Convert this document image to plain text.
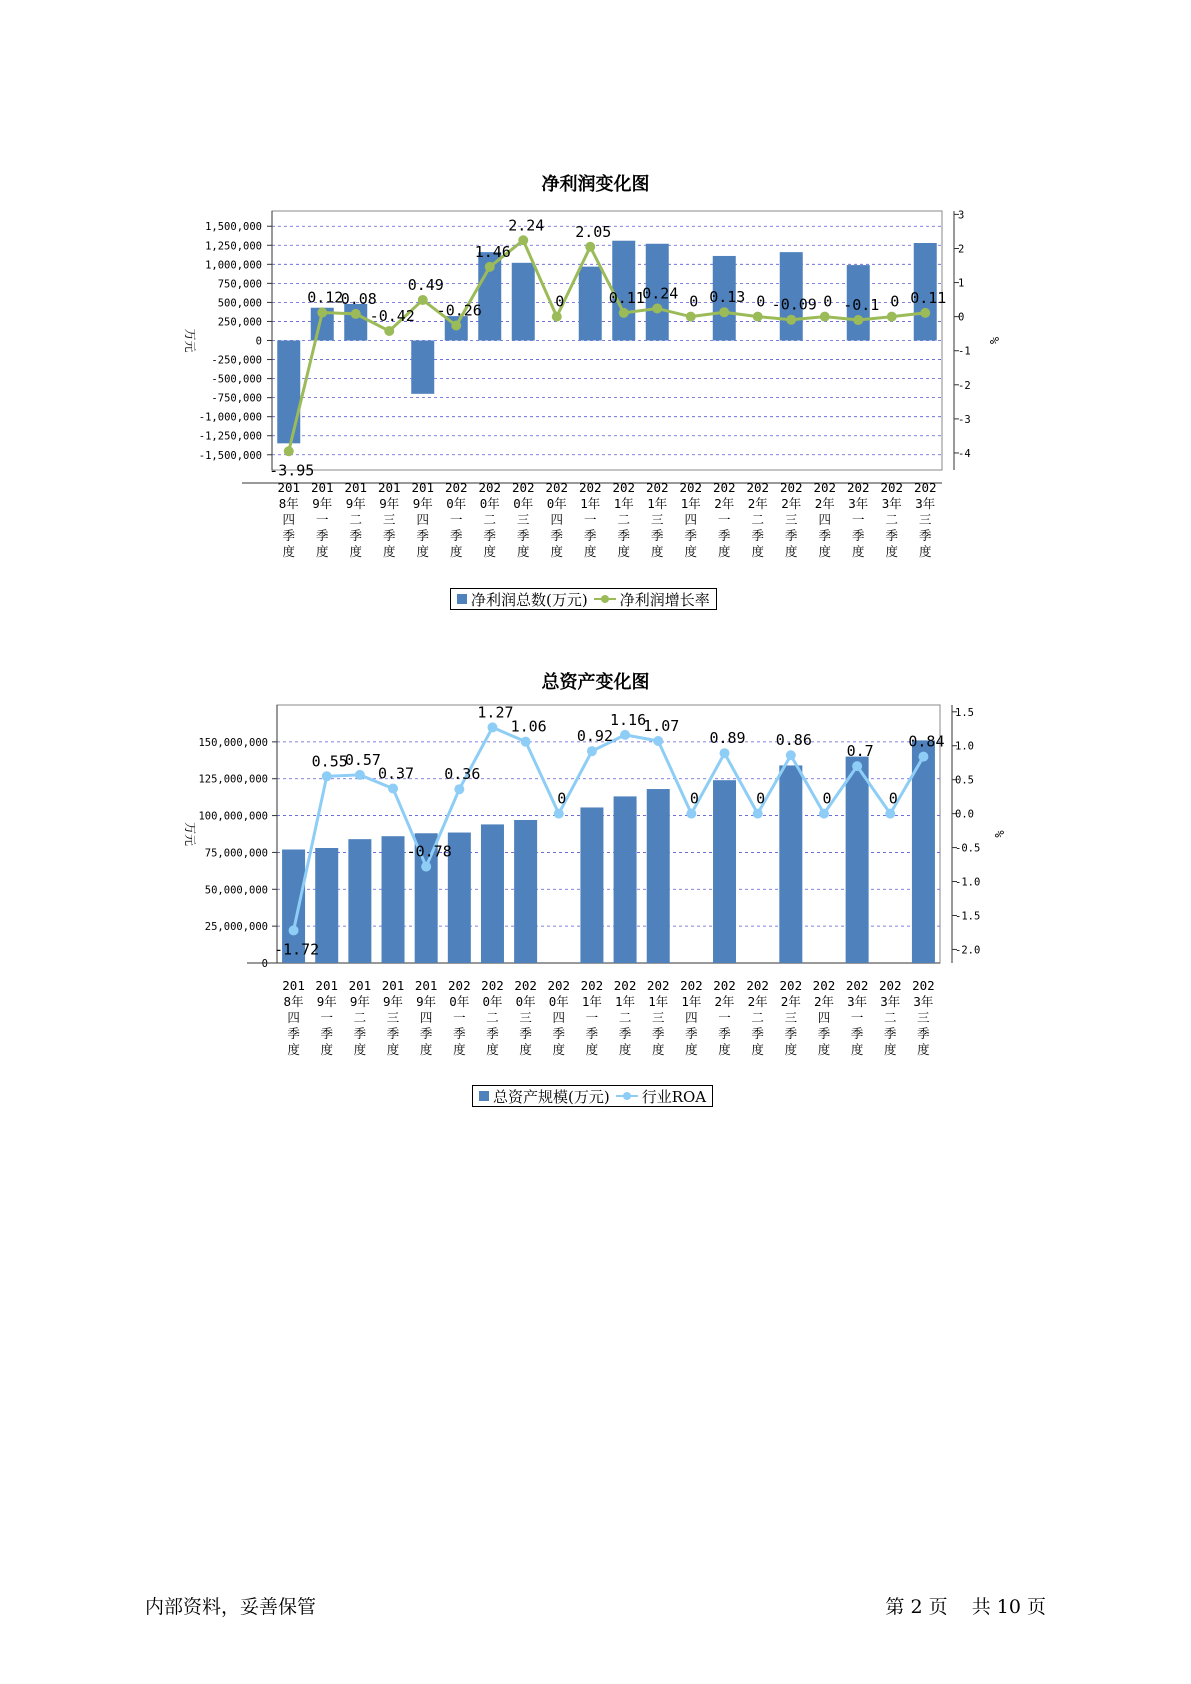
净利润变化图
1,500,000
1,250,000
1,000,000
750,000
500,000
250,000
0
-250,000
-500,000
-750,000
-1,000,000
-1,250,000
-1,500,000
3
2
1
0
-1
-2
-3
-4
万元	%
-3.95
0.12
0.08
-0.42
0.49
-0.26
1.46
2.24
0
2.05
0.11
0.24 0 0.13 0 -0.09 0 -0.1 0 0.11
201
8年
四
季
度
201
9年
一
季
度
201
9年
二
季
度
201
9年
三
季
度
201
9年
四
季
度
202
0年
一
季
度
202
0年
二
季
度
202
0年
三
季
度
202
0年
四
季
度
202
1年
一
季
度
202
1年
二
季
度
202
1年
三
季
度
202
1年
四
季
度
202
2年
一
季
度
202
2年
二
季
度
202
2年
三
季
度
202
2年
四
季
度
202
3年
一
季
度
202
3年
二
季
度
202
3年
三
季
度
净利润总数(万元) 净利润增长率
总资产变化图
150,000,000
125,000,000
100,000,000
75,000,000
50,000,000
25,000,000
0
1.5
1.0
0.5
0.0
-0.5
-1.0
-1.5
-2.0
万元	%
-1.72
0.55
0.57
0.37
-0.78
0.36
1.27
1.06
0
0.92
1.16
1.07
0
0.89
0
0.86
0
0.7
0
0.84
201
8年
四
季
度
201
9年
一
季
度
201
9年
二
季
度
201
9年
三
季
度
201
9年
四
季
度
202
0年
一
季
度
202
0年
二
季
度
202
0年
三
季
度
202
0年
四
季
度
202
1年
一
季
度
202
1年
二
季
度
202
1年
三
季
度
202
1年
四
季
度
202
2年
一
季
度
202
2年
二
季
度
202
2年
三
季
度
202
2年
四
季
度
202
3年
一
季
度
202
3年
二
季
度
202
3年
三
季
度
总资产规模(万元) 行业ROA
内部资料，妥善保管	第 2 页    共 10 页
